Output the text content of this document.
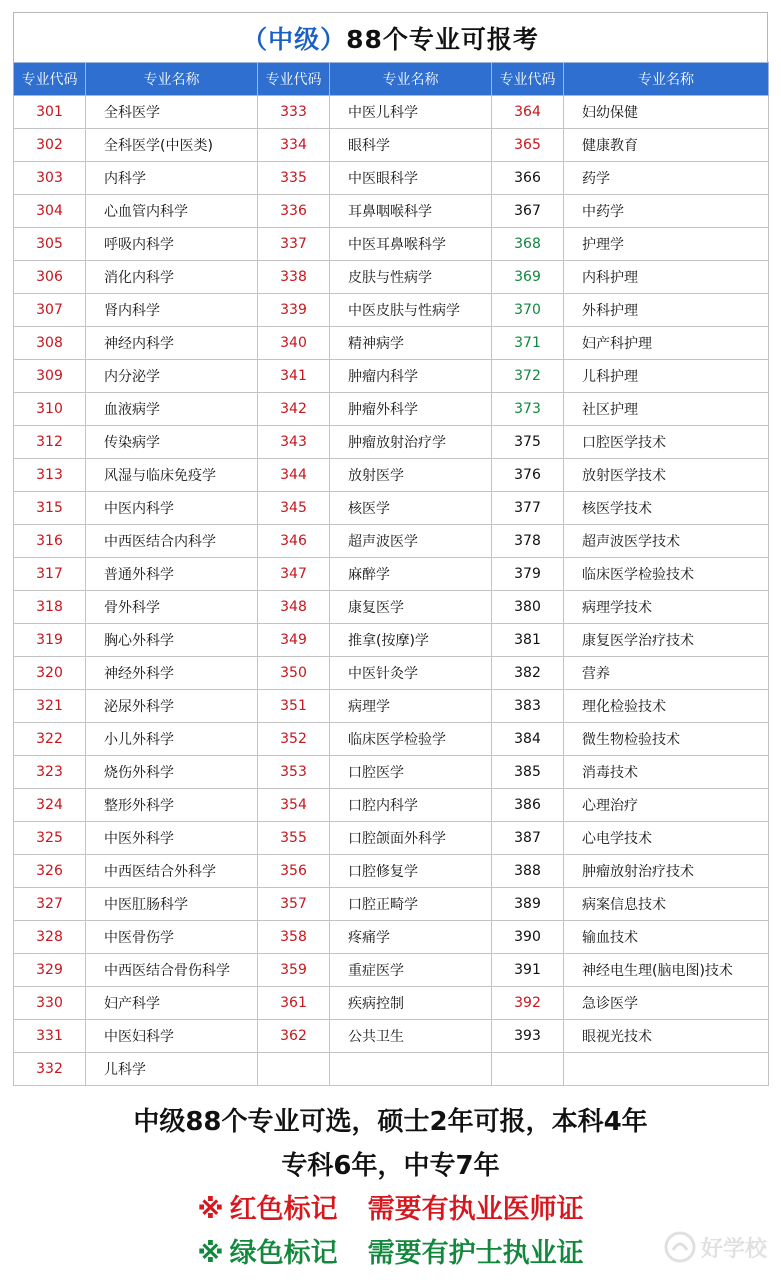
（中级） 88个专业可报考
专业代码	专业名称	专业代码	专业名称	专业代码	专业名称
301	全科医学	333	中医儿科学	364	妇幼保健
302	全科医学(中医类)	334	眼科学	365	健康教育
303	内科学	335	中医眼科学	366	药学
304	心血管内科学	336	耳鼻咽喉科学	367	中药学
305	呼吸内科学	337	中医耳鼻喉科学	368	护理学
306	消化内科学	338	皮肤与性病学	369	内科护理
307	肾内科学	339	中医皮肤与性病学	370	外科护理
308	神经内科学	340	精神病学	371	妇产科护理
309	内分泌学	341	肿瘤内科学	372	儿科护理
310	血液病学	342	肿瘤外科学	373	社区护理
312	传染病学	343	肿瘤放射治疗学	375	口腔医学技术
313	风湿与临床免疫学	344	放射医学	376	放射医学技术
315	中医内科学	345	核医学	377	核医学技术
316	中西医结合内科学	346	超声波医学	378	超声波医学技术
317	普通外科学	347	麻醉学	379	临床医学检验技术
318	骨外科学	348	康复医学	380	病理学技术
319	胸心外科学	349	推拿(按摩)学	381	康复医学治疗技术
320	神经外科学	350	中医针灸学	382	营养
321	泌尿外科学	351	病理学	383	理化检验技术
322	小儿外科学	352	临床医学检验学	384	微生物检验技术
323	烧伤外科学	353	口腔医学	385	消毒技术
324	整形外科学	354	口腔内科学	386	心理治疗
325	中医外科学	355	口腔颌面外科学	387	心电学技术
326	中西医结合外科学	356	口腔修复学	388	肿瘤放射治疗技术
327	中医肛肠科学	357	口腔正畸学	389	病案信息技术
328	中医骨伤学	358	疼痛学	390	输血技术
329	中西医结合骨伤科学	359	重症医学	391	神经电生理(脑电图)技术
330	妇产科学	361	疾病控制	392	急诊医学
331	中医妇科学	362	公共卫生	393	眼视光技术
332	儿科学				
中级88个专业可选，硕士2年可报，本科4年
专科6年，中专7年
※ 红色标记 需要有执业医师证
※ 绿色标记 需要有护士执业证	好学校
